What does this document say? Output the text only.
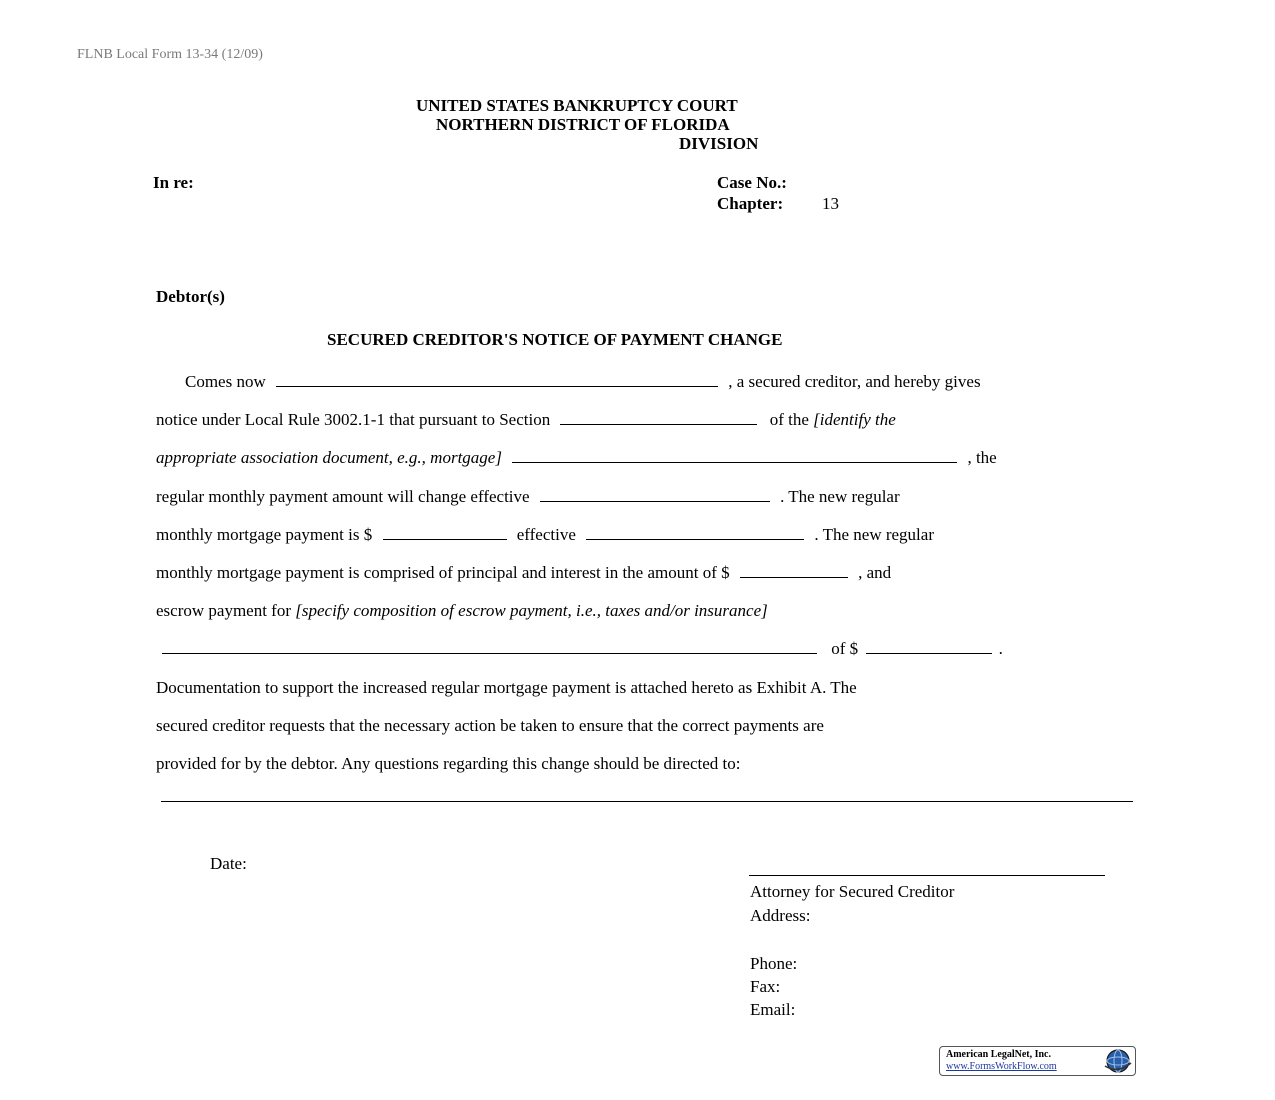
FLNB Local Form 13-34 (12/09)
UNITED STATES BANKRUPTCY COURT
NORTHERN DISTRICT OF FLORIDA
DIVISION
In re:	Case No.:
Chapter: 13
Debtor(s)
SECURED CREDITOR'S NOTICE OF PAYMENT CHANGE
Comes now	, a secured creditor, and hereby gives
notice under Local Rule 3002.1-1 that pursuant to Section	of the [identify the
appropriate association document, e.g., mortgage]	, the
regular monthly payment amount will change effective	. The new regular
monthly mortgage payment is $	effective	. The new regular
monthly mortgage payment is comprised of principal and interest in the amount of $	, and
escrow payment for [specify composition of escrow payment, i.e., taxes and/or insurance]
of $	.
Documentation to support the increased regular mortgage payment is attached hereto as Exhibit A. The
secured creditor requests that the necessary action be taken to ensure that the correct payments are
provided for by the debtor. Any questions regarding this change should be directed to:
Date:
Attorney for Secured Creditor
Address:
Phone:
Fax:
Email:
American LegalNet, Inc.
www.FormsWorkFlow.com
